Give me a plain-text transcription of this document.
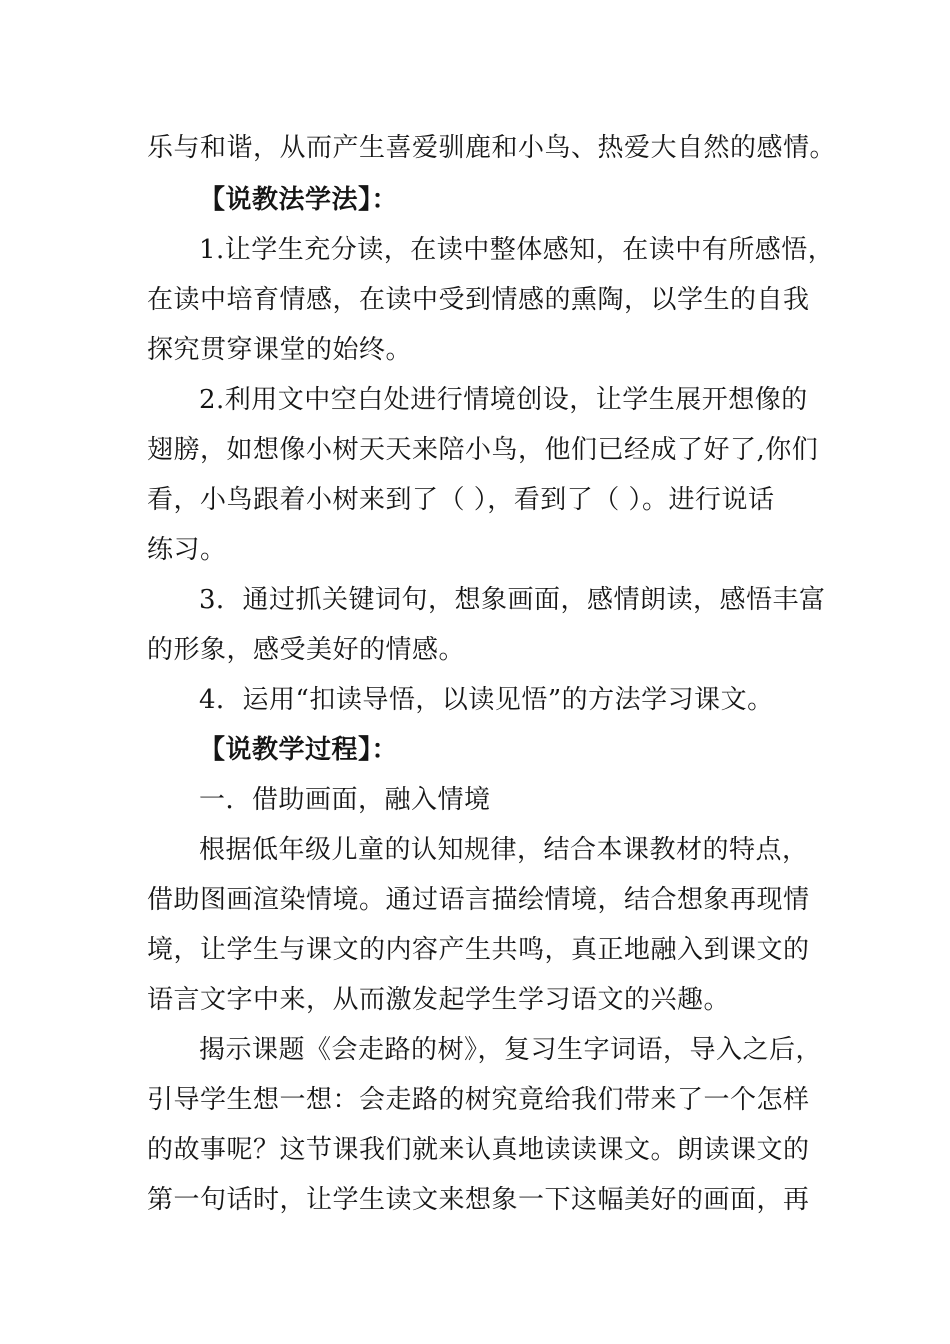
乐与和谐，从而产生喜爱驯鹿和小鸟、热爱大自然的感情。
【说教法学法】：
1.让学生充分读，在读中整体感知，在读中有所感悟，
在读中培育情感，在读中受到情感的熏陶，以学生的自我
探究贯穿课堂的始终。
2.利用文中空白处进行情境创设，让学生展开想像的
翅膀，如想像小树天天来陪小鸟，他们已经成了好了,你们
看，小鸟跟着小树来到了（ ），看到了（ ）。进行说话
练习。
3．通过抓关键词句，想象画面，感情朗读，感悟丰富
的形象，感受美好的情感。
4．运用“扣读导悟，以读见悟”的方法学习课文。
【说教学过程】：
一．借助画面，融入情境
根据低年级儿童的认知规律，结合本课教材的特点，
借助图画渲染情境。通过语言描绘情境，结合想象再现情
境，让学生与课文的内容产生共鸣，真正地融入到课文的
语言文字中来，从而激发起学生学习语文的兴趣。
揭示课题《会走路的树》，复习生字词语，导入之后，
引导学生想一想：会走路的树究竟给我们带来了一个怎样
的故事呢？这节课我们就来认真地读读课文。朗读课文的
第一句话时，让学生读文来想象一下这幅美好的画面，再
